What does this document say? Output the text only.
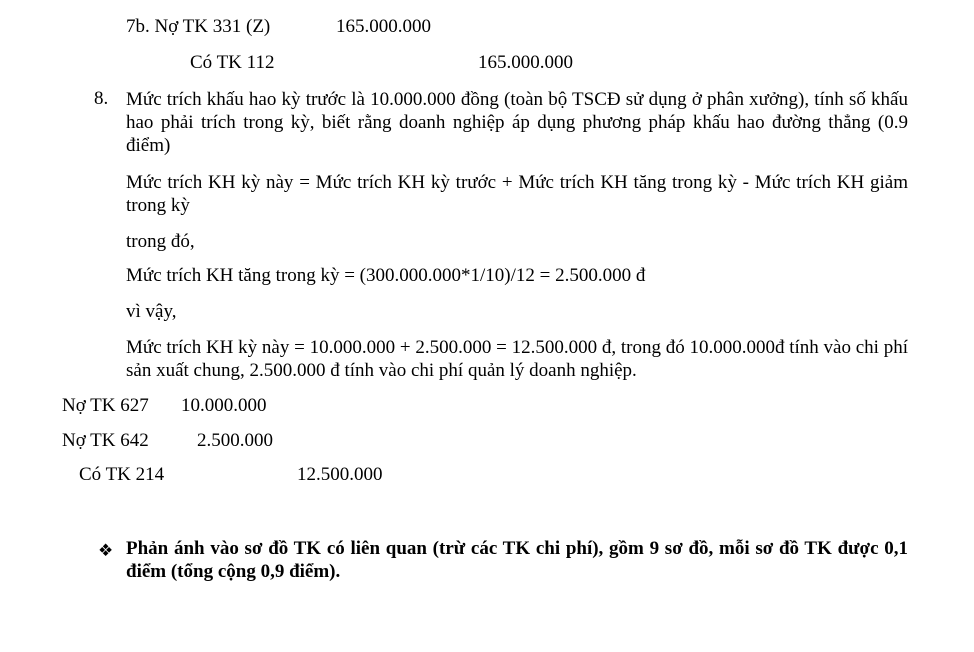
7b. Nợ TK 331 (Z)	165.000.000
Có TK 112	165.000.000
8. Mức trích khấu hao kỳ trước là 10.000.000 đồng (toàn bộ TSCĐ sử dụng ở phân xưởng), tính số khấu hao phải trích trong kỳ, biết rằng doanh nghiệp áp dụng phương pháp khấu hao đường thẳng (0.9 điểm)
Mức trích KH kỳ này = Mức trích KH kỳ trước + Mức trích KH tăng trong kỳ - Mức trích KH giảm trong kỳ
trong đó,
Mức trích KH tăng trong kỳ = (300.000.000*1/10)/12 = 2.500.000 đ
vì vậy,
Mức trích KH kỳ này = 10.000.000 + 2.500.000 = 12.500.000 đ, trong đó 10.000.000đ tính vào chi phí sản xuất chung, 2.500.000 đ tính vào chi phí quản lý doanh nghiệp.
Nợ TK 627 10.000.000
Nợ TK 642	2.500.000
Có TK 214	12.500.000
❖ Phản ánh vào sơ đồ TK có liên quan (trừ các TK chi phí), gồm 9 sơ đồ, mỗi sơ đồ TK được 0,1 điểm (tổng cộng 0,9 điểm).
